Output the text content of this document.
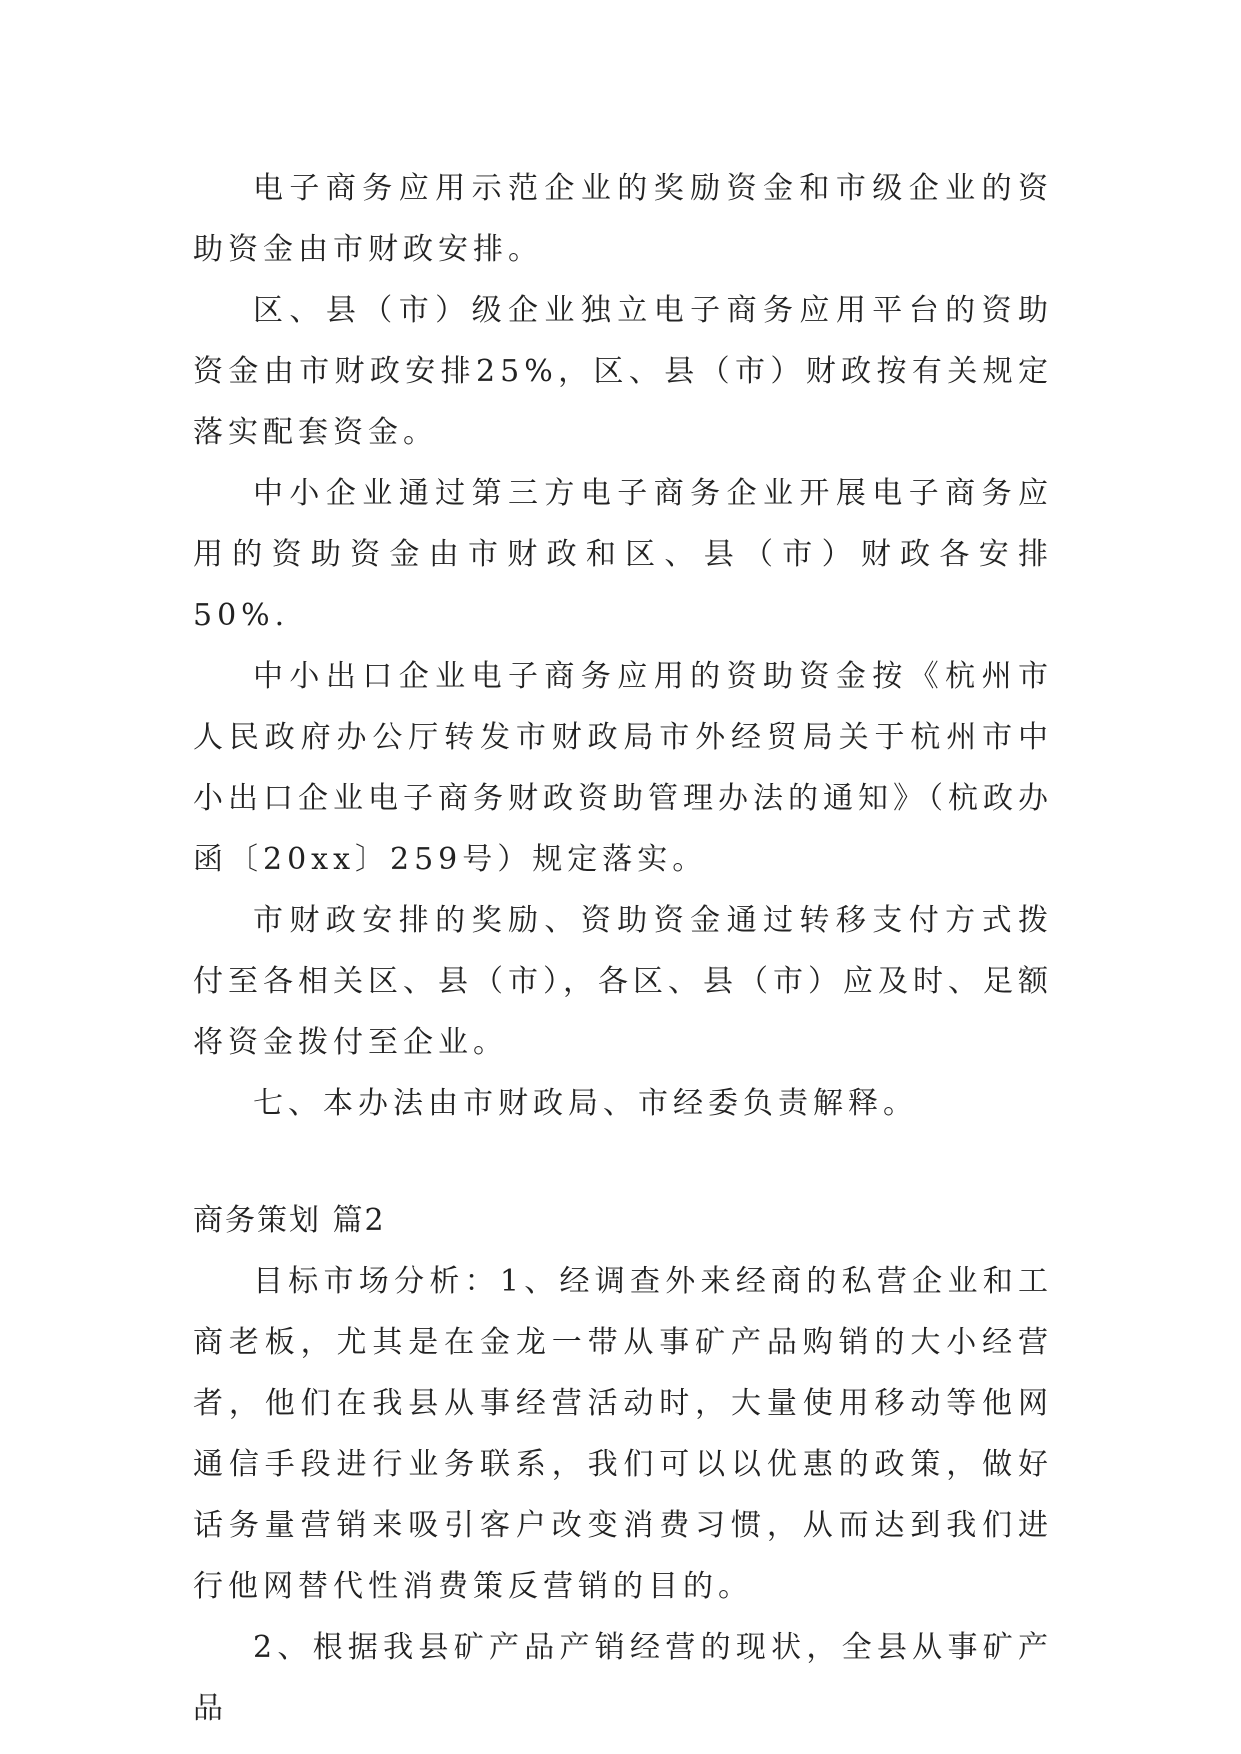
电子商务应用示范企业的奖励资金和市级企业的资助资金由市财政安排。

区、县（市）级企业独立电子商务应用平台的资助资金由市财政安排25%，区、县（市）财政按有关规定落实配套资金。

中小企业通过第三方电子商务企业开展电子商务应用的资助资金由市财政和区、县（市）财政各安排50%.

中小出口企业电子商务应用的资助资金按《杭州市人民政府办公厅转发市财政局市外经贸局关于杭州市中小出口企业电子商务财政资助管理办法的通知》（杭政办函〔20xx〕259号）规定落实。

市财政安排的奖励、资助资金通过转移支付方式拨付至各相关区、县（市），各区、县（市）应及时、足额将资金拨付至企业。

七、本办法由市财政局、市经委负责解释。

商务策划 篇2

目标市场分析：1、经调查外来经商的私营企业和工商老板，尤其是在金龙一带从事矿产品购销的大小经营者，他们在我县从事经营活动时，大量使用移动等他网通信手段进行业务联系，我们可以以优惠的政策，做好话务量营销来吸引客户改变消费习惯，从而达到我们进行他网替代性消费策反营销的目的。

2、根据我县矿产品产销经营的现状，全县从事矿产品
